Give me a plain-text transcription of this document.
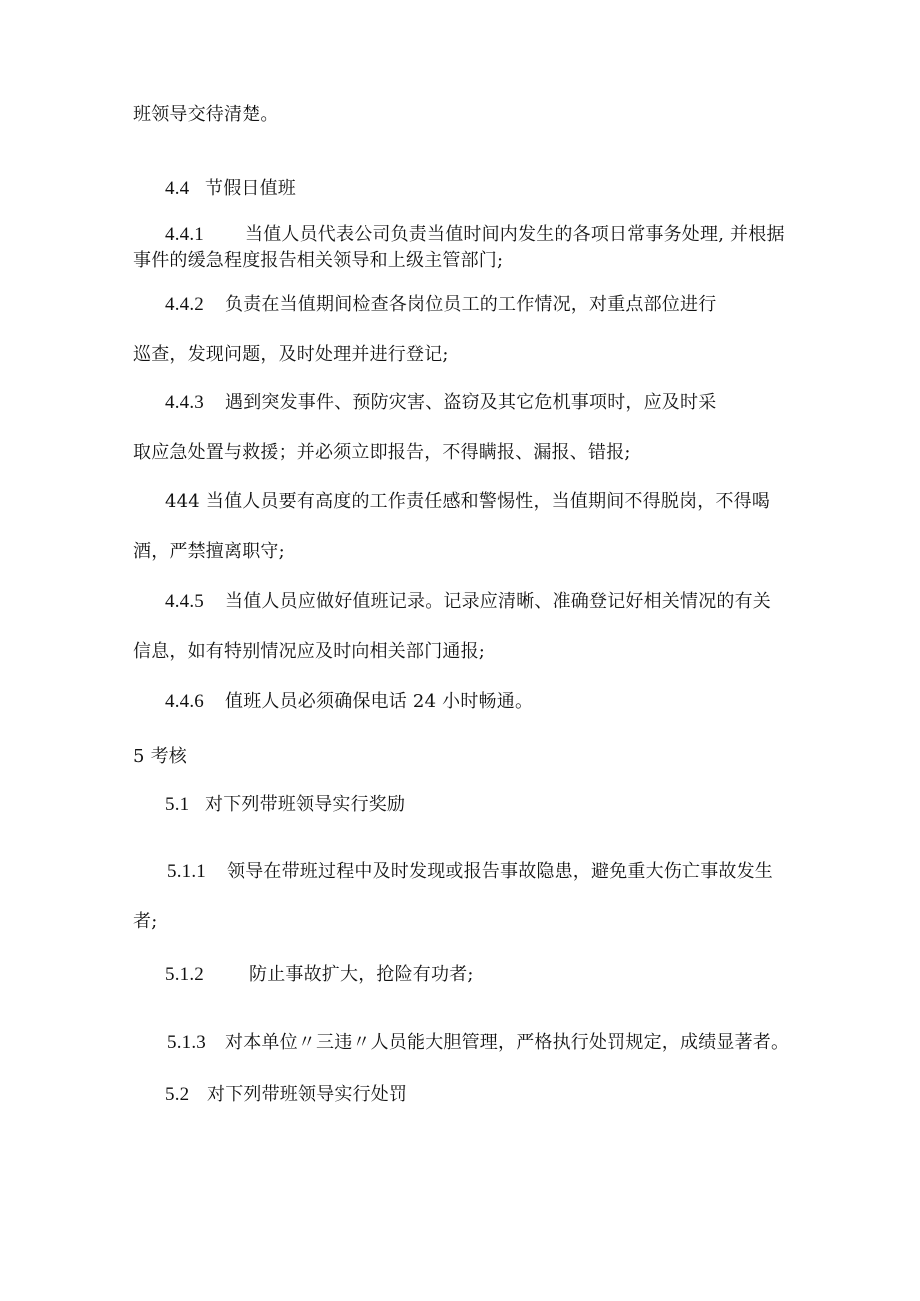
班领导交待清楚。
4.4 节假日值班
4.4.1 当值人员代表公司负责当值时间内发生的各项日常事务处理, 并根据
事件的缓急程度报告相关领导和上级主管部门;
4.4.2 负责在当值期间检查各岗位员工的工作情况，对重点部位进行
巡查，发现问题，及时处理并进行登记;
4.4.3 遇到突发事件、预防灾害、盗窃及其它危机事项时，应及时采
取应急处置与救援；并必须立即报告，不得瞒报、漏报、错报;
444 当值人员要有高度的工作责任感和警惕性，当值期间不得脱岗，不得喝
酒，严禁擅离职守;
4.4.5 当值人员应做好值班记录。记录应清晰、准确登记好相关情况的有关
信息，如有特别情况应及时向相关部门通报;
4.4.6 值班人员必须确保电话 24 小时畅通。
5 考核
5.1 对下列带班领导实行奖励
5.1.1 领导在带班过程中及时发现或报告事故隐患，避免重大伤亡事故发生
者;
5.1.2	防止事故扩大，抢险有功者;
5.1.3 对本单位〃三违〃人员能大胆管理，严格执行处罚规定，成绩显著者。
5.2 对下列带班领导实行处罚
